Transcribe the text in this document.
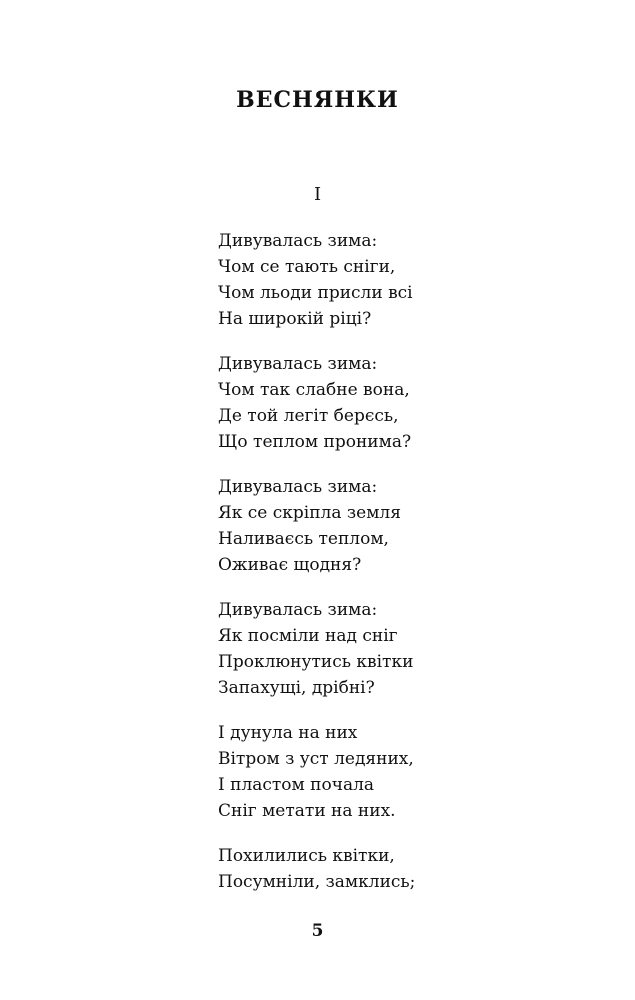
ВЕСНЯНКИ
I
Дивувалась зима:
Чом се тають сніги,
Чом льоди присли всі
На широкій ріці?
Дивувалась зима:
Чом так слабне вона,
Де той легіт берєсь,
Що теплом пронима?
Дивувалась зима:
Як се скріпла земля
Наливаєсь теплом,
Оживає щодня?
Дивувалась зима:
Як посміли над сніг
Проклюнутись квітки
Запахущі, дрібні?
І дунула на них
Вітром з уст ледяних,
І пластом почала
Сніг метати на них.
Похилились квітки,
Посумніли, замклись;
5
